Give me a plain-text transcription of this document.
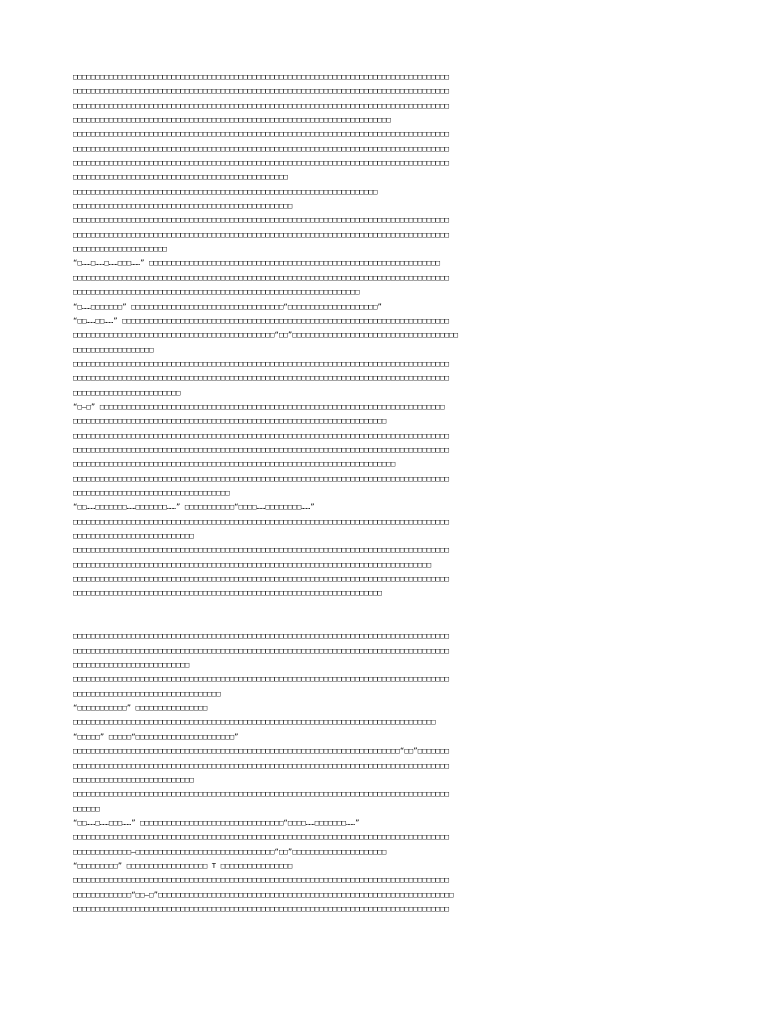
□□□□□□□□□□□□□□□□□□□□□□□□□□□□□□□□□□□□□□□□□□□□□□□□□□□□□□□□□□□□□□□□□□□□□□□□□□□□□□□□□□□□
□□□□□□□□□□□□□□□□□□□□□□□□□□□□□□□□□□□□□□□□□□□□□□□□□□□□□□□□□□□□□□□□□□□□□□□□□□□□□□□□□□□□
□□□□□□□□□□□□□□□□□□□□□□□□□□□□□□□□□□□□□□□□□□□□□□□□□□□□□□□□□□□□□□□□□□□□□□□□□□□□□□□□□□□□
□□□□□□□□□□□□□□□□□□□□□□□□□□□□□□□□□□□□□□□□□□□□□□□□□□□□□□□□□□□□□□□□□□□□□□□
□□□□□□□□□□□□□□□□□□□□□□□□□□□□□□□□□□□□□□□□□□□□□□□□□□□□□□□□□□□□□□□□□□□□□□□□□□□□□□□□□□□□
□□□□□□□□□□□□□□□□□□□□□□□□□□□□□□□□□□□□□□□□□□□□□□□□□□□□□□□□□□□□□□□□□□□□□□□□□□□□□□□□□□□□
□□□□□□□□□□□□□□□□□□□□□□□□□□□□□□□□□□□□□□□□□□□□□□□□□□□□□□□□□□□□□□□□□□□□□□□□□□□□□□□□□□□□
□□□□□□□□□□□□□□□□□□□□□□□□□□□□□□□□□□□□□□□□□□□□□□□□
□□□□□□□□□□□□□□□□□□□□□□□□□□□□□□□□□□□□□□□□□□□□□□□□□□□□□□□□□□□□□□□□□□□□
□□□□□□□□□□□□□□□□□□□□□□□□□□□□□□□□□□□□□□□□□□□□□□□□□
□□□□□□□□□□□□□□□□□□□□□□□□□□□□□□□□□□□□□□□□□□□□□□□□□□□□□□□□□□□□□□□□□□□□□□□□□□□□□□□□□□□□
□□□□□□□□□□□□□□□□□□□□□□□□□□□□□□□□□□□□□□□□□□□□□□□□□□□□□□□□□□□□□□□□□□□□□□□□□□□□□□□□□□□□
□□□□□□□□□□□□□□□□□□□□□
“□……□……□……□□□……” □□□□□□□□□□□□□□□□□□□□□□□□□□□□□□□□□□□□□□□□□□□□□□□□□□□□□□□□□□□□□□□□□
□□□□□□□□□□□□□□□□□□□□□□□□□□□□□□□□□□□□□□□□□□□□□□□□□□□□□□□□□□□□□□□□□□□□□□□□□□□□□□□□□□□□
□□□□□□□□□□□□□□□□□□□□□□□□□□□□□□□□□□□□□□□□□□□□□□□□□□□□□□□□□□□□□□□□
“□……□□□□□□□” □□□□□□□□□□□□□□□□□□□□□□□□□□□□□□□□□□“□□□□□□□□□□□□□□□□□□□□”
“□□……□□……” □□□□□□□□□□□□□□□□□□□□□□□□□□□□□□□□□□□□□□□□□□□□□□□□□□□□□□□□□□□□□□□□□□□□□□□□□
□□□□□□□□□□□□□□□□□□□□□□□□□□□□□□□□□□□□□□□□□□□□□“□□”□□□□□□□□□□□□□□□□□□□□□□□□□□□□□□□□□□□□□
□□□□□□□□□□□□□□□□□□
□□□□□□□□□□□□□□□□□□□□□□□□□□□□□□□□□□□□□□□□□□□□□□□□□□□□□□□□□□□□□□□□□□□□□□□□□□□□□□□□□□□□
□□□□□□□□□□□□□□□□□□□□□□□□□□□□□□□□□□□□□□□□□□□□□□□□□□□□□□□□□□□□□□□□□□□□□□□□□□□□□□□□□□□□
□□□□□□□□□□□□□□□□□□□□□□□□
“□—□” □□□□□□□□□□□□□□□□□□□□□□□□□□□□□□□□□□□□□□□□□□□□□□□□□□□□□□□□□□□□□□□□□□□□□□□□□□□□□
□□□□□□□□□□□□□□□□□□□□□□□□□□□□□□□□□□□□□□□□□□□□□□□□□□□□□□□□□□□□□□□□□□□□□□
□□□□□□□□□□□□□□□□□□□□□□□□□□□□□□□□□□□□□□□□□□□□□□□□□□□□□□□□□□□□□□□□□□□□□□□□□□□□□□□□□□□□
□□□□□□□□□□□□□□□□□□□□□□□□□□□□□□□□□□□□□□□□□□□□□□□□□□□□□□□□□□□□□□□□□□□□□□□□□□□□□□□□□□□□
□□□□□□□□□□□□□□□□□□□□□□□□□□□□□□□□□□□□□□□□□□□□□□□□□□□□□□□□□□□□□□□□□□□□□□□□
□□□□□□□□□□□□□□□□□□□□□□□□□□□□□□□□□□□□□□□□□□□□□□□□□□□□□□□□□□□□□□□□□□□□□□□□□□□□□□□□□□□□
□□□□□□□□□□□□□□□□□□□□□□□□□□□□□□□□□□□
“□□……□□□□□□□……□□□□□□□……” □□□□□□□□□□□“□□□□……□□□□□□□□……”
□□□□□□□□□□□□□□□□□□□□□□□□□□□□□□□□□□□□□□□□□□□□□□□□□□□□□□□□□□□□□□□□□□□□□□□□□□□□□□□□□□□□
□□□□□□□□□□□□□□□□□□□□□□□□□□□
□□□□□□□□□□□□□□□□□□□□□□□□□□□□□□□□□□□□□□□□□□□□□□□□□□□□□□□□□□□□□□□□□□□□□□□□□□□□□□□□□□□□
□□□□□□□□□□□□□□□□□□□□□□□□□□□□□□□□□□□□□□□□□□□□□□□□□□□□□□□□□□□□□□□□□□□□□□□□□□□□□□□□
□□□□□□□□□□□□□□□□□□□□□□□□□□□□□□□□□□□□□□□□□□□□□□□□□□□□□□□□□□□□□□□□□□□□□□□□□□□□□□□□□□□□
□□□□□□□□□□□□□□□□□□□□□□□□□□□□□□□□□□□□□□□□□□□□□□□□□□□□□□□□□□□□□□□□□□□□□
□□□□□□□□□□□□□□□□□□□□□□□□□□□□□□□□□□□□□□□□□□□□□□□□□□□□□□□□□□□□□□□□□□□□□□□□□□□□□□□□□□□□
□□□□□□□□□□□□□□□□□□□□□□□□□□□□□□□□□□□□□□□□□□□□□□□□□□□□□□□□□□□□□□□□□□□□□□□□□□□□□□□□□□□□
□□□□□□□□□□□□□□□□□□□□□□□□□□
□□□□□□□□□□□□□□□□□□□□□□□□□□□□□□□□□□□□□□□□□□□□□□□□□□□□□□□□□□□□□□□□□□□□□□□□□□□□□□□□□□□□
□□□□□□□□□□□□□□□□□□□□□□□□□□□□□□□□□
“□□□□□□□□□□□” □□□□□□□□□□□□□□□□
□□□□□□□□□□□□□□□□□□□□□□□□□□□□□□□□□□□□□□□□□□□□□□□□□□□□□□□□□□□□□□□□□□□□□□□□□□□□□□□□□
“□□□□□” □□□□□“□□□□□□□□□□□□□□□□□□□□□□”
□□□□□□□□□□□□□□□□□□□□□□□□□□□□□□□□□□□□□□□□□□□□□□□□□□□□□□□□□□□□□□□□□□□□□□□□□“□□”□□□□□□□
□□□□□□□□□□□□□□□□□□□□□□□□□□□□□□□□□□□□□□□□□□□□□□□□□□□□□□□□□□□□□□□□□□□□□□□□□□□□□□□□□□□□
□□□□□□□□□□□□□□□□□□□□□□□□□□□
□□□□□□□□□□□□□□□□□□□□□□□□□□□□□□□□□□□□□□□□□□□□□□□□□□□□□□□□□□□□□□□□□□□□□□□□□□□□□□□□□□□□
□□□□□□
“□□……□……□□□……” □□□□□□□□□□□□□□□□□□□□□□□□□□□□□□□□“□□□□……□□□□□□□……”
□□□□□□□□□□□□□□□□□□□□□□□□□□□□□□□□□□□□□□□□□□□□□□□□□□□□□□□□□□□□□□□□□□□□□□□□□□□□□□□□□□□□
□□□□□□□□□□□□□—□□□□□□□□□□□□□□□□□□□□□□□□□□□□□□□“□□”□□□□□□□□□□□□□□□□□□□□□
“□□□□□□□□□” □□□□□□□□□□□□□□□□□□ T □□□□□□□□□□□□□□□□
□□□□□□□□□□□□□□□□□□□□□□□□□□□□□□□□□□□□□□□□□□□□□□□□□□□□□□□□□□□□□□□□□□□□□□□□□□□□□□□□□□□□
□□□□□□□□□□□□□“□□—□”□□□□□□□□□□□□□□□□□□□□□□□□□□□□□□□□□□□□□□□□□□□□□□□□□□□□□□□□□□□□□□□□□□
□□□□□□□□□□□□□□□□□□□□□□□□□□□□□□□□□□□□□□□□□□□□□□□□□□□□□□□□□□□□□□□□□□□□□□□□□□□□□□□□□□□□
